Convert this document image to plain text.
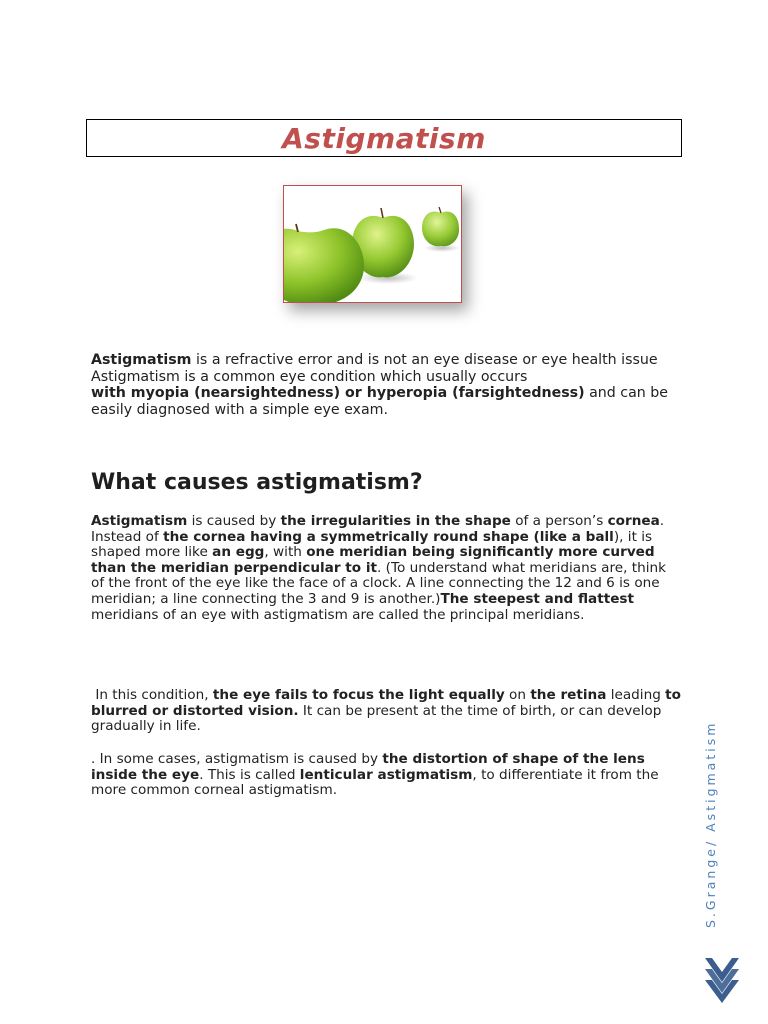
Astigmatism

Astigmatism is a refractive error and is not an eye disease or eye health issue Astigmatism is a common eye condition which usually occurs
with myopia (nearsightedness) or hyperopia (farsightedness) and can be easily diagnosed with a simple eye exam.

What causes astigmatism?

Astigmatism is caused by the irregularities in the shape of a person’s cornea. Instead of the cornea having a symmetrically round shape (like a ball), it is shaped more like an egg, with one meridian being significantly more curved than the meridian perpendicular to it. (To understand what meridians are, think of the front of the eye like the face of a clock. A line connecting the 12 and 6 is one meridian; a line connecting the 3 and 9 is another.)The steepest and flattest meridians of an eye with astigmatism are called the principal meridians.

In this condition, the eye fails to focus the light equally on the retina leading to blurred or distorted vision. It can be present at the time of birth, or can develop gradually in life.

. In some cases, astigmatism is caused by the distortion of shape of the lens inside the eye. This is called lenticular astigmatism, to differentiate it from the more common corneal astigmatism.	S.Grange/ Astigmatism
